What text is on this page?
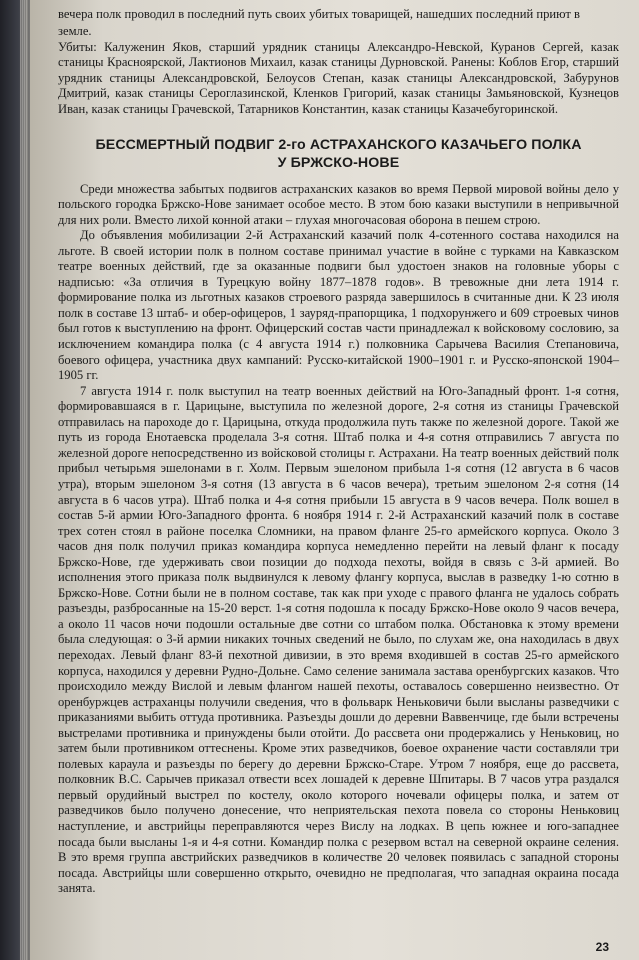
вечера полк проводил в последний путь своих убитых товарищей, нашедших последний приют в

земле.

Убиты: Калуженин Яков, старший урядник станицы Александро-Невской, Куранов Сергей, казак станицы Красноярской, Лактионов Михаил, казак станицы Дурновской. Ранены: Коблов Егор, старший урядник станицы Александровской, Белоусов Степан, казак станицы Александровской, Забурунов Дмитрий, казак станицы Сероглазинской, Кленков Григорий, казак станицы Замьяновской, Кузнецов Иван, казак станицы Грачевской, Татарников Константин, казак станицы Казачебугоринской.

БЕССМЕРТНЫЙ ПОДВИГ 2-го АСТРАХАНСКОГО КАЗАЧЬЕГО ПОЛКА
У БРЖСКО-НОВЕ

Среди множества забытых подвигов астраханских казаков во время Первой мировой войны дело у польского городка Бржско-Нове занимает особое место. В этом бою казаки выступили в непривычной для них роли. Вместо лихой конной атаки – глухая многочасовая оборона в пешем строю.

До объявления мобилизации 2-й Астраханский казачий полк 4-сотенного состава находился на льготе. В своей истории полк в полном составе принимал участие в войне с турками на Кавказском театре военных действий, где за оказанные подвиги был удостоен знаков на головные уборы с надписью: «За отличия в Турецкую войну 1877–1878 годов». В тревожные дни лета 1914 г. формирование полка из льготных казаков строевого разряда завершилось в считанные дни. К 23 июля полк в составе 13 штаб- и обер-офицеров, 1 зауряд-прапорщика, 1 подхорунжего и 609 строевых чинов был готов к выступлению на фронт. Офицерский состав части принадлежал к войсковому сословию, за исключением командира полка (с 4 августа 1914 г.) полковника Сарычева Василия Степановича, боевого офицера, участника двух кампаний: Русско-китайской 1900–1901 г. и Русско-японской 1904–1905 гг.

7 августа 1914 г. полк выступил на театр военных действий на Юго-Западный фронт. 1-я сотня, формировавшаяся в г. Царицыне, выступила по железной дороге, 2-я сотня из станицы Грачевской отправилась на пароходе до г. Царицына, откуда продолжила путь также по железной дороге. Такой же путь из города Енотаевска проделала 3-я сотня. Штаб полка и 4-я сотня отправились 7 августа по железной дороге непосредственно из войсковой столицы г. Астрахани. На театр военных действий полк прибыл четырьмя эшелонами в г. Холм. Первым эшелоном прибыла 1-я сотня (12 августа в 6 часов утра), вторым эшелоном 3-я сотня (13 августа в 6 часов вечера), третьим эшелоном 2-я сотня (14 августа в 6 часов утра). Штаб полка и 4-я сотня прибыли 15 августа в 9 часов вечера. Полк вошел в состав 5-й армии Юго-Западного фронта. 6 ноября 1914 г. 2-й Астраханский казачий полк в составе трех сотен стоял в районе поселка Сломники, на правом фланге 25-го армейского корпуса. Около 3 часов дня полк получил приказ командира корпуса немедленно перейти на левый фланг к посаду Бржско-Нове, где удерживать свои позиции до подхода пехоты, войдя в связь с 3-й армией. Во исполнения этого приказа полк выдвинулся к левому флангу корпуса, выслав в разведку 1-ю сотню в Бржско-Нове. Сотни были не в полном составе, так как при уходе с правого фланга не удалось собрать разъезды, разбросанные на 15-20 верст. 1-я сотня подошла к посаду Бржско-Нове около 9 часов вечера, а около 11 часов ночи подошли остальные две сотни со штабом полка. Обстановка к этому времени была следующая: о 3-й армии никаких точных сведений не было, по слухам же, она находилась в двух переходах. Левый фланг 83-й пехотной дивизии, в это время входившей в состав 25-го армейского корпуса, находился у деревни Рудно-Дольне. Само селение занимала застава оренбургских казаков. Что происходило между Вислой и левым флангом нашей пехоты, оставалось совершенно неизвестно. От оренбуржцев астраханцы получили сведения, что в фольварк Неньковичи были высланы разведчики с приказаниями выбить оттуда противника. Разъезды дошли до деревни Ваввенчице, где были встречены выстрелами противника и принуждены были отойти. До рассвета они продержались у Неньковиц, но затем были противником оттеснены. Кроме этих разведчиков, боевое охранение части составляли три полевых караула и разъезды по берегу до деревни Бржско-Старе. Утром 7 ноября, еще до рассвета, полковник В.С. Сарычев приказал отвести всех лошадей к деревне Шпитары. В 7 часов утра раздался первый орудийный выстрел по костелу, около которого ночевали офицеры полка, и затем от разведчиков было получено донесение, что неприятельская пехота повела со стороны Неньковиц наступление, и австрийцы переправляются через Вислу на лодках. В цепь южнее и юго-западнее посада были высланы 1-я и 4-я сотни. Командир полка с резервом встал на северной окраине селения. В это время группа австрийских разведчиков в количестве 20 человек появилась с западной стороны посада. Австрийцы шли совершенно открыто, очевидно не предполагая, что западная окраина посада занята.

23
